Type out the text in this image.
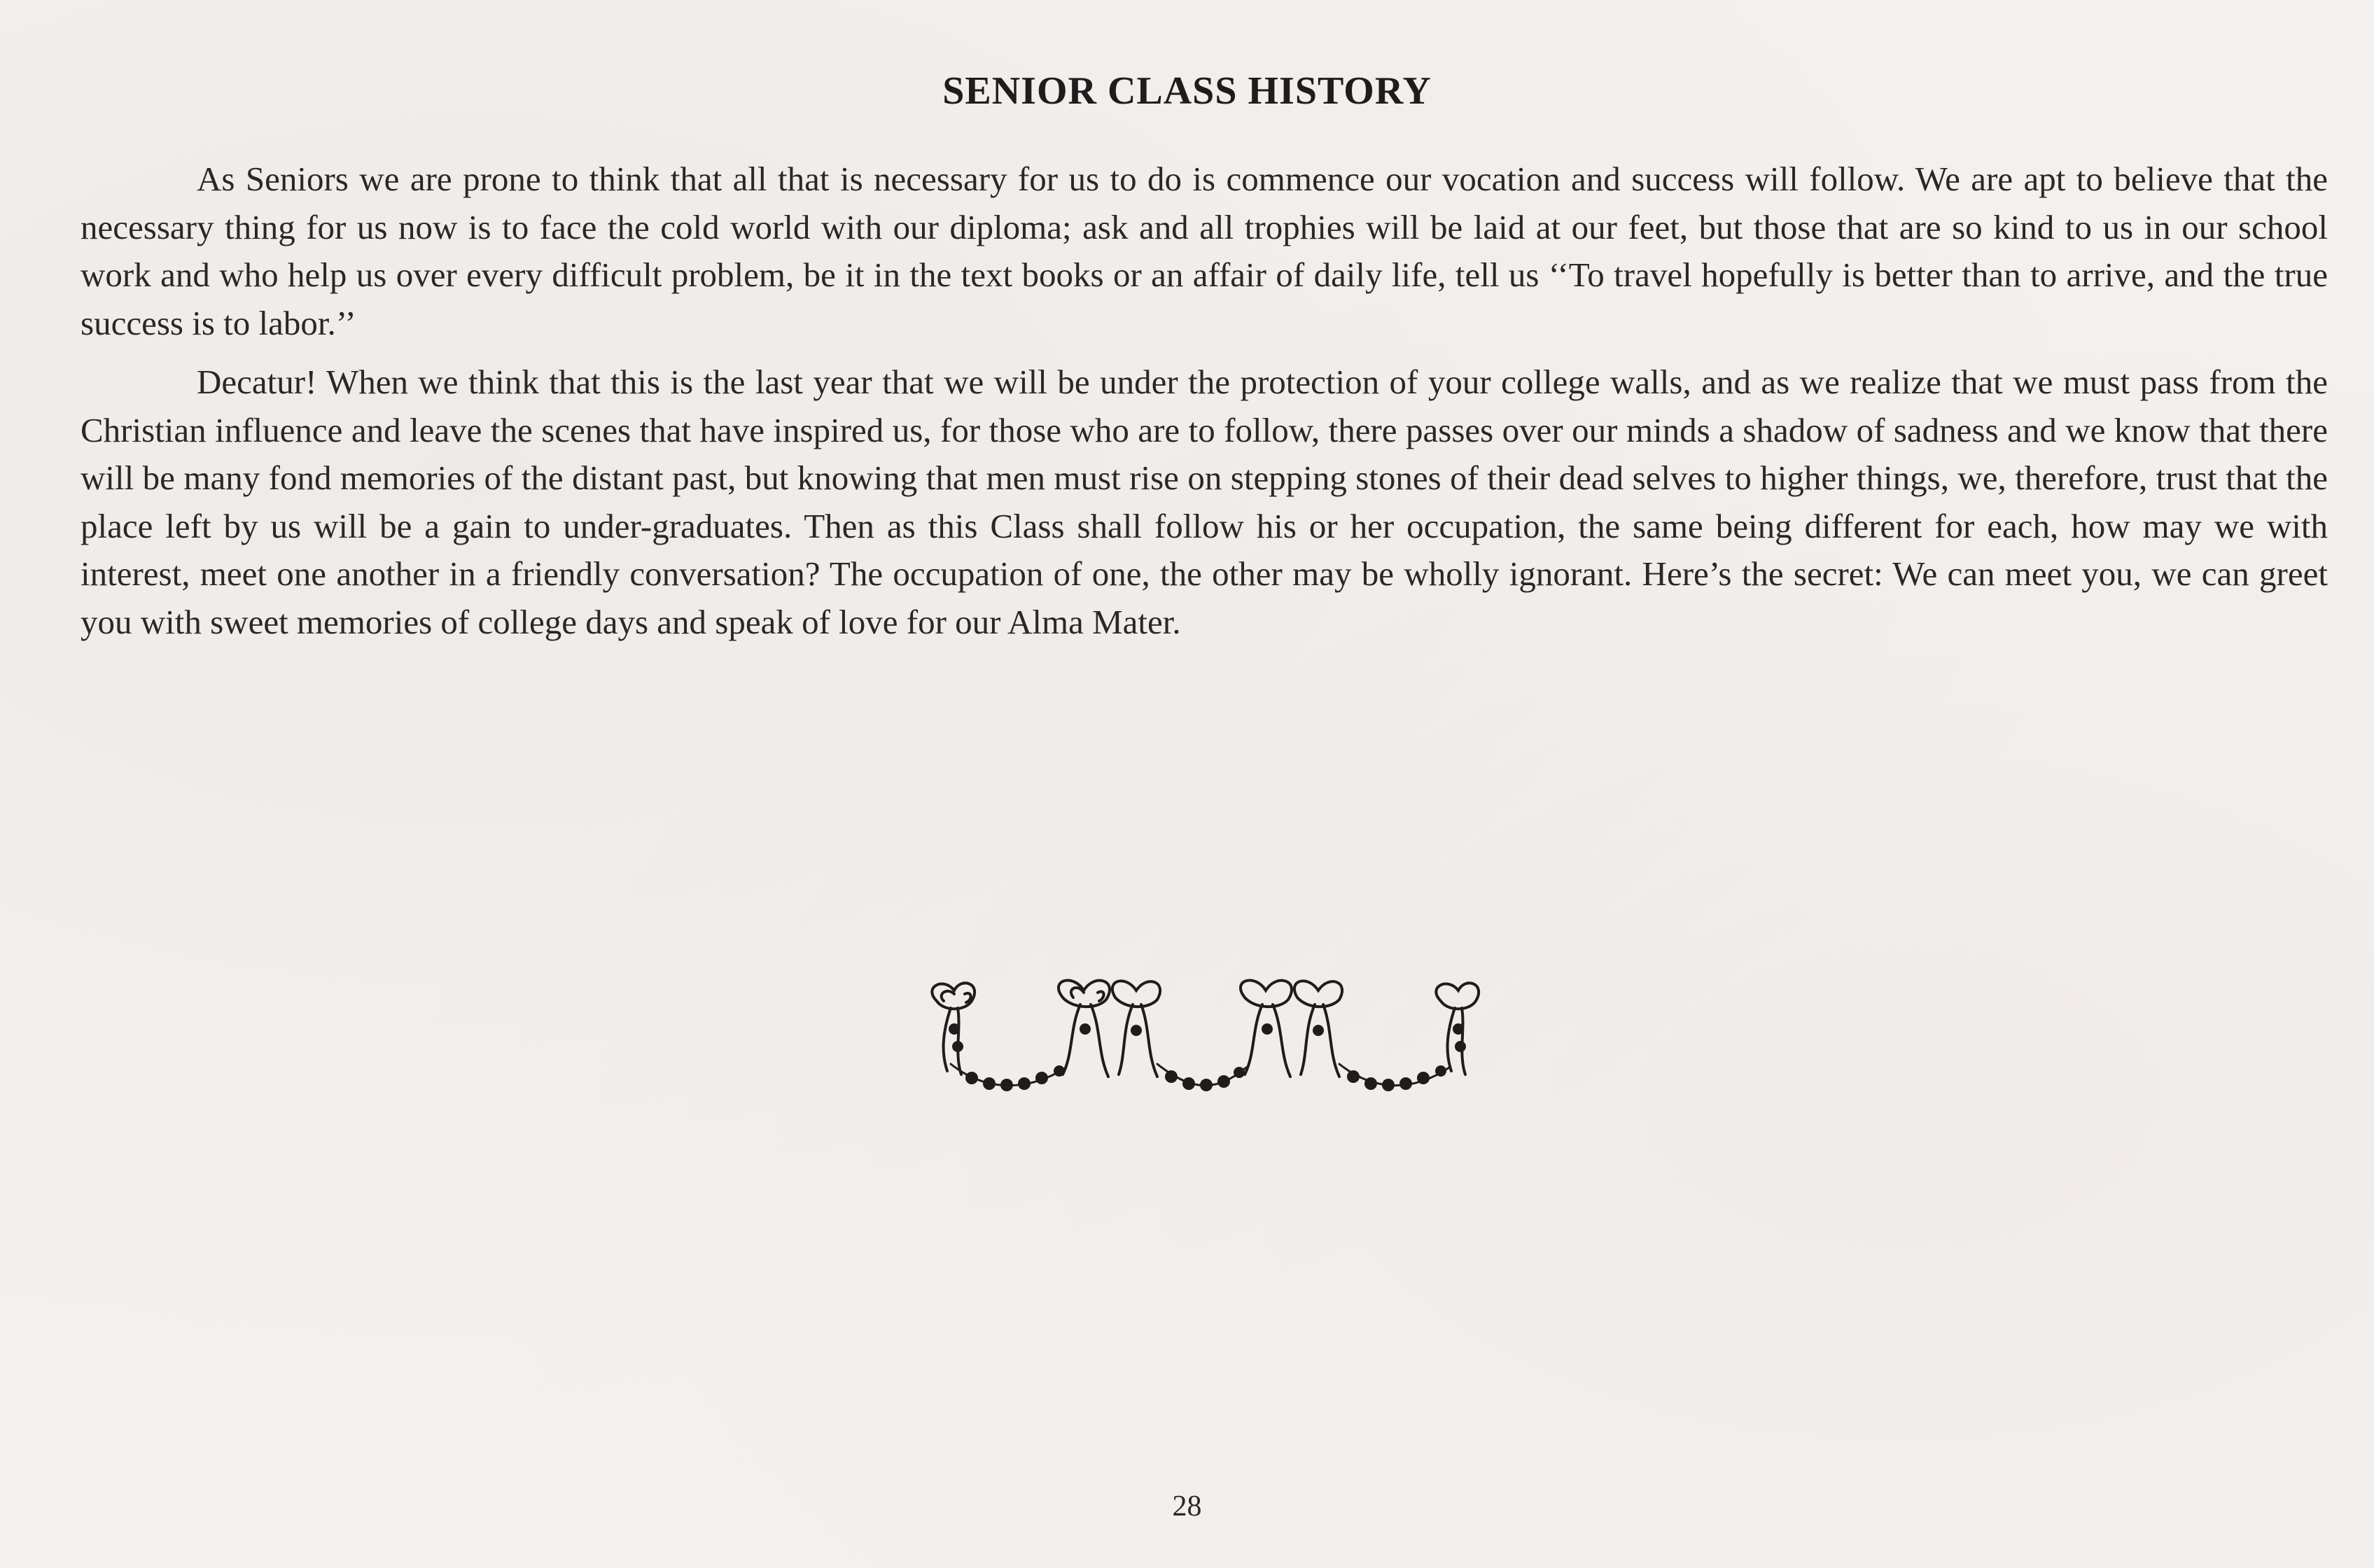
SENIOR CLASS HISTORY

As Seniors we are prone to think that all that is necessary for us to do is commence our vocation and success will follow. We are apt to believe that the necessary thing for us now is to face the cold world with our diploma; ask and all trophies will be laid at our feet, but those that are so kind to us in our school work and who help us over every difficult problem, be it in the text books or an affair of daily life, tell us ‘‘To travel hopefully is better than to arrive, and the true success is to labor.’’

Decatur! When we think that this is the last year that we will be under the protection of your college walls, and as we realize that we must pass from the Christian influence and leave the scenes that have inspired us, for those who are to follow, there passes over our minds a shadow of sadness and we know that there will be many fond memories of the distant past, but knowing that men must rise on stepping stones of their dead selves to higher things, we, therefore, trust that the place left by us will be a gain to under-graduates. Then as this Class shall follow his or her occupation, the same being different for each, how may we with interest, meet one another in a friendly conversation? The occupation of one, the other may be wholly ignorant. Here’s the secret: We can meet you, we can greet you with sweet memories of college days and speak of love for our Alma Mater.

28
